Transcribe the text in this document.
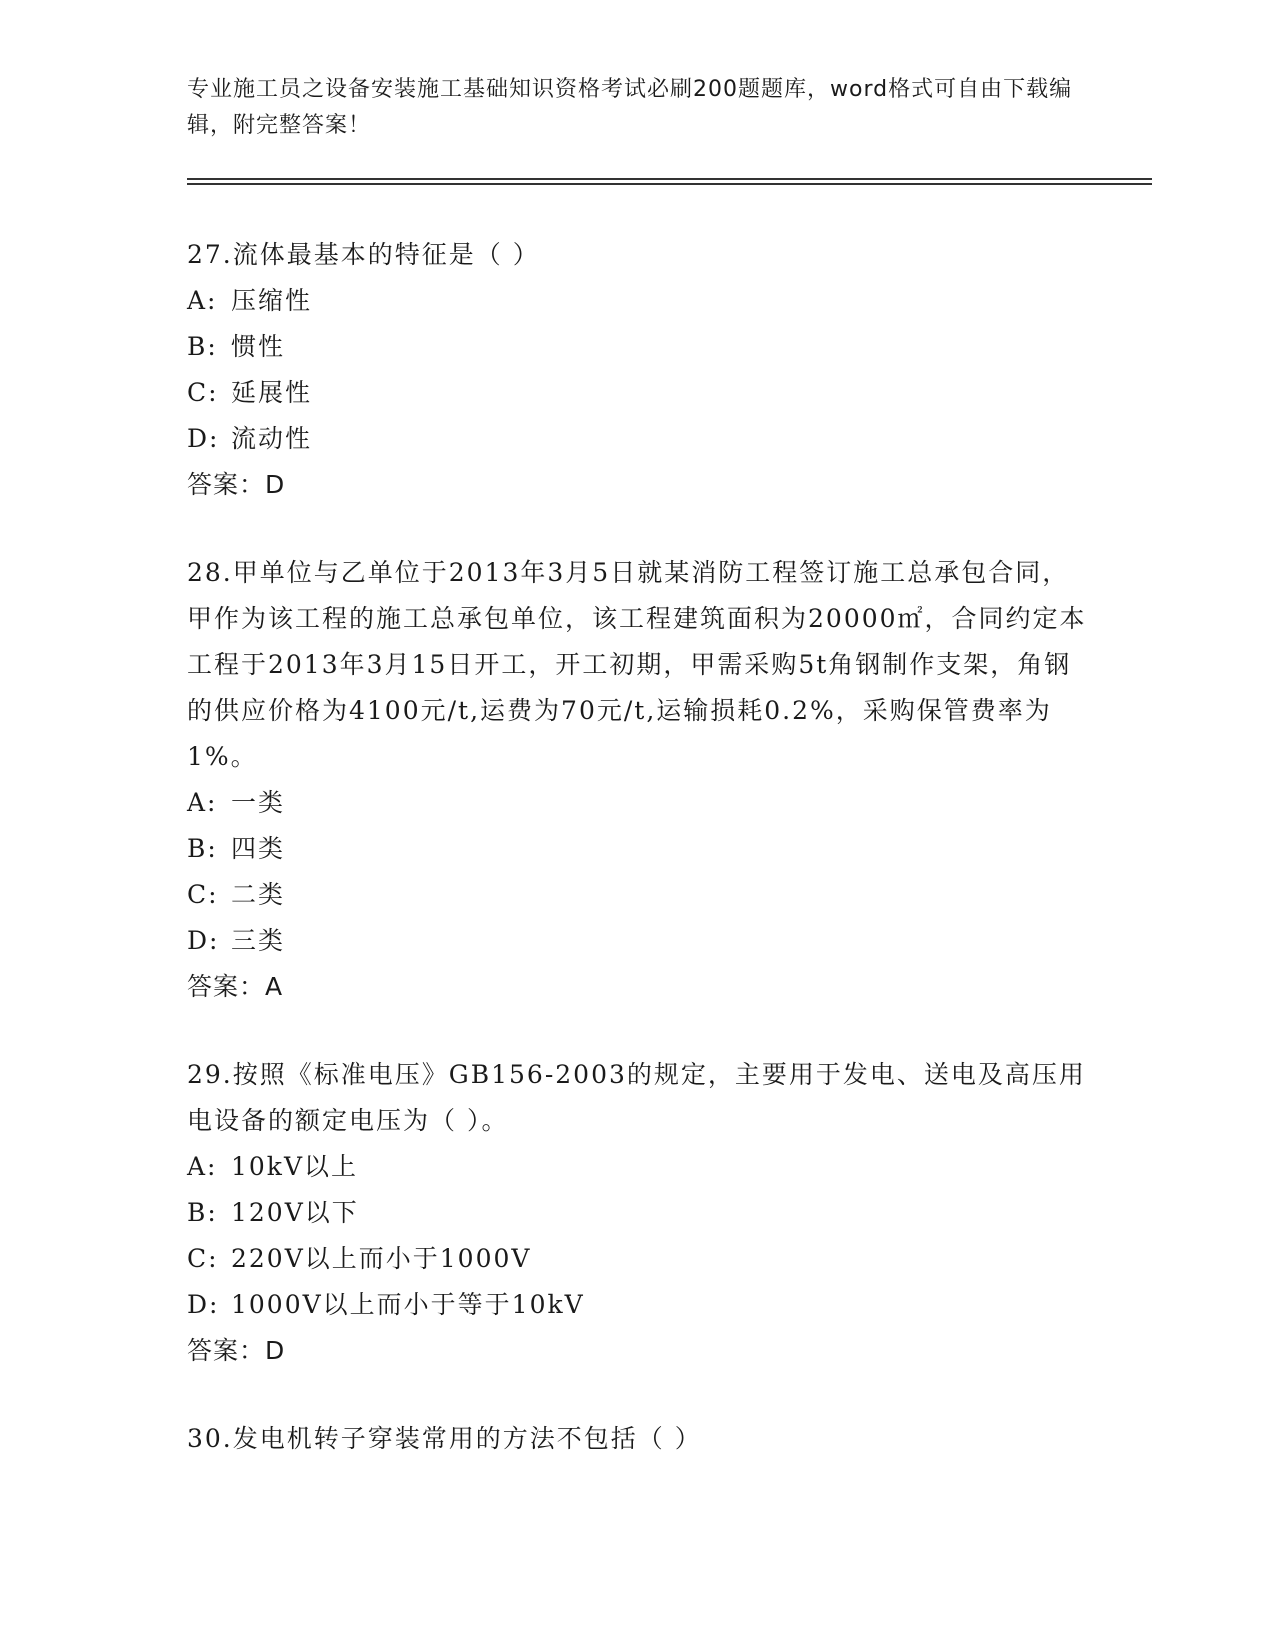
专业施工员之设备安装施工基础知识资格考试必刷200题题库，word格式可自由下载编辑，附完整答案！

27.流体最基本的特征是（ ）

A: 压缩性

B: 惯性

C: 延展性

D: 流动性

答案：D

28.甲单位与乙单位于2013年3月5日就某消防工程签订施工总承包合同，甲作为该工程的施工总承包单位，该工程建筑面积为20000㎡，合同约定本工程于2013年3月15日开工，开工初期，甲需采购5t角钢制作支架，角钢的供应价格为4100元/t,运费为70元/t,运输损耗0.2%，采购保管费率为1%。

A: 一类

B: 四类

C: 二类

D: 三类

答案：A

29.按照《标准电压》GB156-2003的规定，主要用于发电、送电及高压用电设备的额定电压为（ ）。

A: 10kV以上

B: 120V以下

C: 220V以上而小于1000V

D: 1000V以上而小于等于10kV

答案：D

30.发电机转子穿装常用的方法不包括（ ）
